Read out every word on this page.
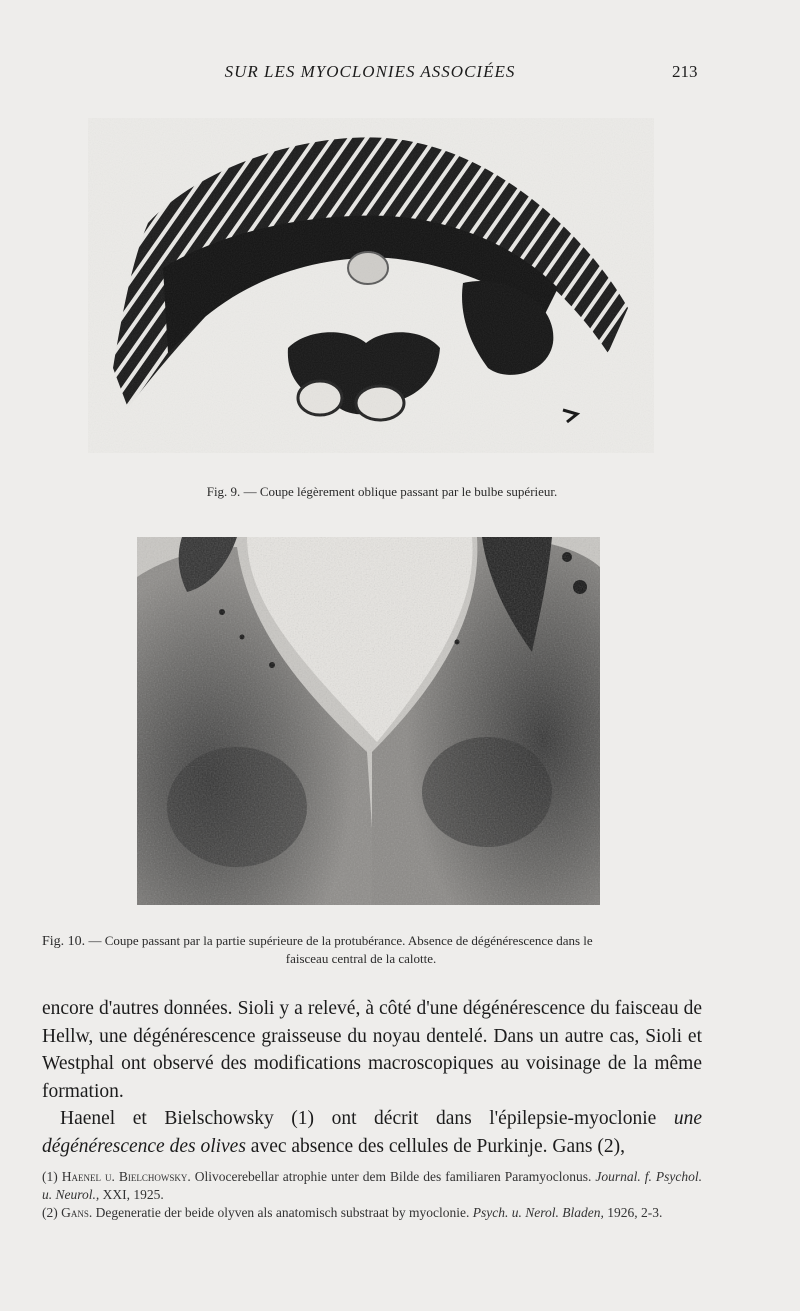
SUR LES MYOCLONIES ASSOCIÉES	213
Fig. 9. — Coupe légèrement oblique passant par le bulbe supérieur.
Fig. 10. — Coupe passant par la partie supérieure de la protubérance. Absence de dégénérescence dans le
faisceau central de la calotte.

encore d'autres données. Sioli y a relevé, à côté d'une dégénérescence du faisceau de Hellw, une dégénérescence graisseuse du noyau dentelé. Dans un autre cas, Sioli et Westphal ont observé des modifications macroscopiques au voisinage de la même formation.

Haenel et Bielschowsky (1) ont décrit dans l'épilepsie-myoclonie une dégénérescence des olives avec absence des cellules de Purkinje. Gans (2),

(1) Haenel u. Bielchowsky. Olivocerebellar atrophie unter dem Bilde des familiaren Paramyoclonus. Journal. f. Psychol. u. Neurol., XXI, 1925.

(2) Gans. Degeneratie der beide olyven als anatomisch substraat by myoclonie. Psych. u. Nerol. Bladen, 1926, 2-3.
